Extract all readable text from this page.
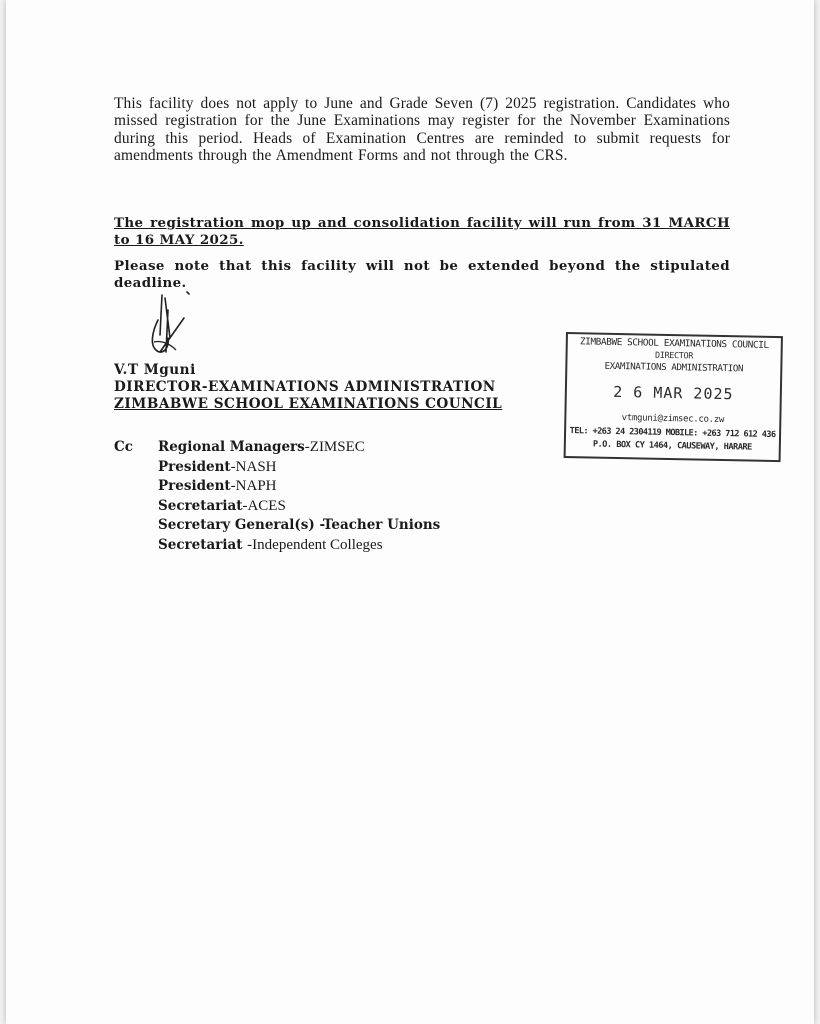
This facility does not apply to June and Grade Seven (7) 2025 registration. Candidates who missed registration for the June Examinations may register for the November Examinations during this period. Heads of Examination Centres are reminded to submit requests for amendments through the Amendment Forms and not through the CRS.

The registration mop up and consolidation facility will run from 31 MARCH to 16 MAY 2025.

Please note that this facility will not be extended beyond the stipulated deadline.

V.T Mguni
DIRECTOR-EXAMINATIONS ADMINISTRATION
ZIMBABWE SCHOOL EXAMINATIONS COUNCIL
Cc Regional Managers-ZIMSEC
President-NASH
President-NAPH
Secretariat-ACES
Secretary General(s) -Teacher Unions
Secretariat -Independent Colleges
ZIMBABWE SCHOOL EXAMINATIONS COUNCIL
DIRECTOR
EXAMINATIONS ADMINISTRATION
2 6 MAR 2025
vtmguni@zimsec.co.zw
TEL: +263 24 2304119 MOBILE: +263 712 612 436
P.O. BOX CY 1464, CAUSEWAY, HARARE
